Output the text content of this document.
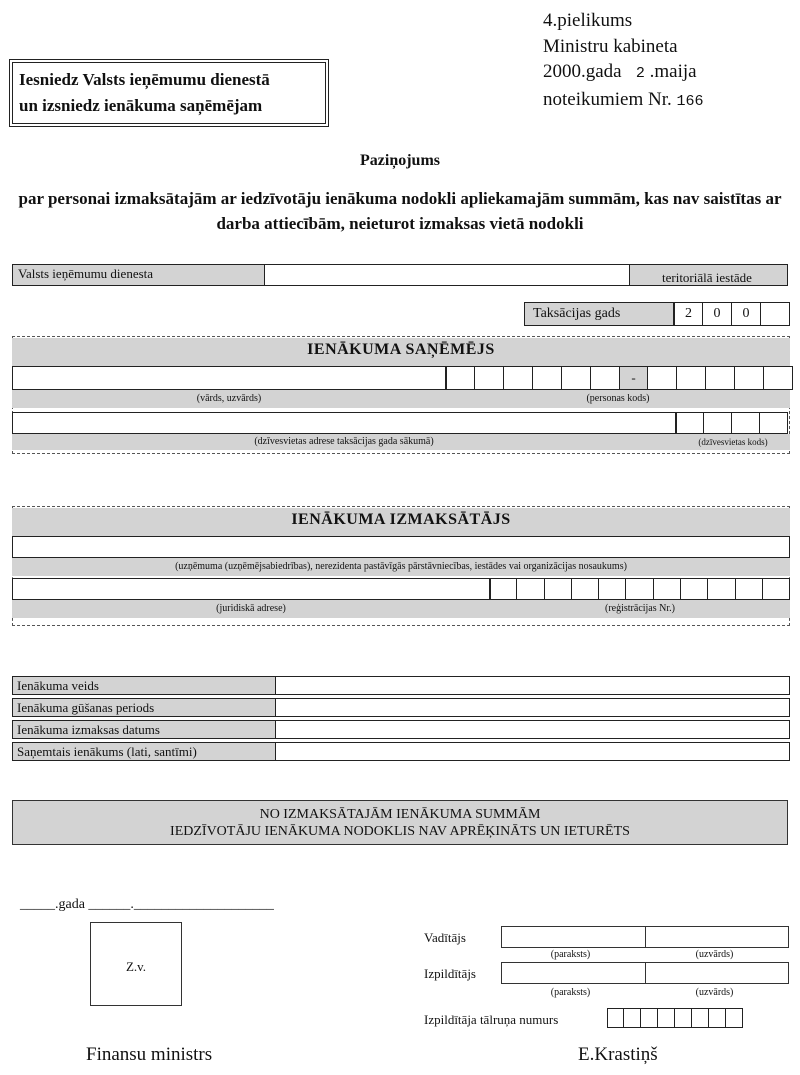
Iesniedz Valsts ieņēmumu dienestā
un izsniedz ienākuma saņēmējam
4.pielikums
Ministru kabineta
2000.gada 2 .maija
noteikumiem Nr. 166
Paziņojums
par personai izmaksātajām ar iedzīvotāju ienākuma nodokli apliekamajām summām, kas nav saistītas ar darba attiecībām, neieturot izmaksas vietā nodokli
Valsts ieņēmumu dienesta	teritoriālā iestāde
Taksācijas gads	2	0	0
IENĀKUMA SAŅĒMĒJS
(vārds, uzvārds)
-
(personas kods)
(dzīvesvietas adrese taksācijas gada sākumā)	(dzīvesvietas kods)
IENĀKUMA IZMAKSĀTĀJS
(uzņēmuma (uzņēmējsabiedrības), nerezidenta pastāvīgās pārstāvniecības, iestādes vai organizācijas nosaukums)
(juridiskā adrese)	(reģistrācijas Nr.)
Ienākuma veids
Ienākuma gūšanas periods
Ienākuma izmaksas datums
Saņemtais ienākums (lati, santīmi)
NO IZMAKSĀTAJĀM IENĀKUMA SUMMĀM
IEDZĪVOTĀJU IENĀKUMA NODOKLIS NAV APRĒĶINĀTS UN IETURĒTS
_____.gada ______.____________________
Z.v.
Vadītājs
(paraksts)	(uzvārds)
Izpildītājs
(paraksts)	(uzvārds)
Izpildītāja tālruņa numurs
Finansu ministrs	E.Krastiņš
